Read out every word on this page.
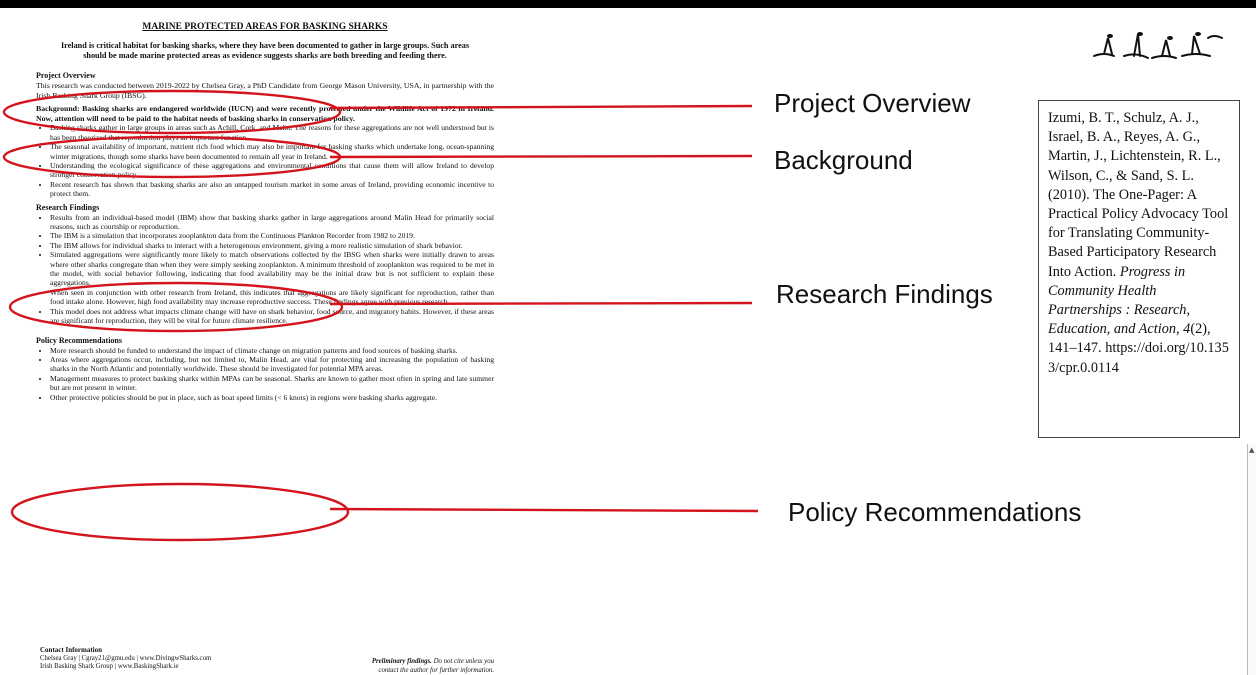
MARINE PROTECTED AREAS FOR BASKING SHARKS

Ireland is critical habitat for basking sharks, where they have been documented to gather in large groups. Such areas should be made marine protected areas as evidence suggests sharks are both breeding and feeding there.

Project Overview

This research was conducted between 2019-2022 by Chelsea Gray, a PhD Candidate from George Mason University, USA, in partnership with the Irish Basking Shark Group (IBSG).

Background: Basking sharks are endangered worldwide (IUCN) and were recently protected under the Wildlife Act of 1972 in Ireland. Now, attention will need to be paid to the habitat needs of basking sharks in conservation policy.

• Basking sharks gather in large groups in areas such as Achill, Cork, and Malin. The reasons for these aggregations are not well understood but is has been theorized that reproduction plays an important function.
• The seasonal availability of important, nutrient rich food which may also be important for basking sharks which undertake long, ocean-spanning winter migrations, though some sharks have been documented to remain all year in Ireland.
• Understanding the ecological significance of these aggregations and environmental conditions that cause them will allow Ireland to develop stronger conservation policy.
• Recent research has shown that basking sharks are also an untapped tourism market in some areas of Ireland, providing economic incentive to protect them.

Research Findings

• Results from an individual-based model (IBM) show that basking sharks gather in large aggregations around Malin Head for primarily social reasons, such as courtship or reproduction.
• The IBM is a simulation that incorporates zooplankton data from the Continuous Plankton Recorder from 1982 to 2019.
• The IBM allows for individual sharks to interact with a heterogenous environment, giving a more realistic simulation of shark behavior.
• Simulated aggregations were significantly more likely to match observations collected by the IBSG when sharks were initially drawn to areas where other sharks congregate than when they were simply seeking zooplankton. A minimum threshold of zooplankton was required to be met in the model, with social behavior following, indicating that food availability may be the initial draw but is not sufficient to explain these aggregations.
• When seen in conjunction with other research from Ireland, this indicates that aggregations are likely significant for reproduction, rather than food intake alone. However, high food availability may increase reproductive success. These findings agree with previous research.
• This model does not address what impacts climate change will have on shark behavior, food source, and migratory habits. However, if these areas are significant for reproduction, they will be vital for future climate resilience.

Policy Recommendations

• More research should be funded to understand the impact of climate change on migration patterns and food sources of basking sharks.
• Areas where aggregations occur, including, but not limited to, Malin Head, are vital for protecting and increasing the population of basking sharks in the North Atlantic and potentially worldwide. These should be investigated for potential MPA areas.
• Management measures to protect basking sharks within MPAs can be seasonal. Sharks are known to gather most often in spring and late summer but are not present in winter.
• Other protective policies should be put in place, such as boat speed limits (< 6 knots) in regions were basking sharks aggregate.
Contact Information
Chelsea Gray | Cgray21@gmu.edu | www.DivingwSharks.com
Irish Basking Shark Group | www.BaskingShark.ie
Preliminary findings. Do not cite unless you
contact the author for further information.
Project Overview
Background
Research Findings
Policy Recommendations
Izumi, B. T., Schulz, A. J., Israel, B. A., Reyes, A. G., Martin, J., Lichtenstein, R. L., Wilson, C., & Sand, S. L. (2010). The One-Pager: A Practical Policy Advocacy Tool for Translating Community-Based Participatory Research Into Action. Progress in Community Health Partnerships : Research, Education, and Action, 4(2), 141–147. https://doi.org/10.1353/cpr.0.0114
▲
